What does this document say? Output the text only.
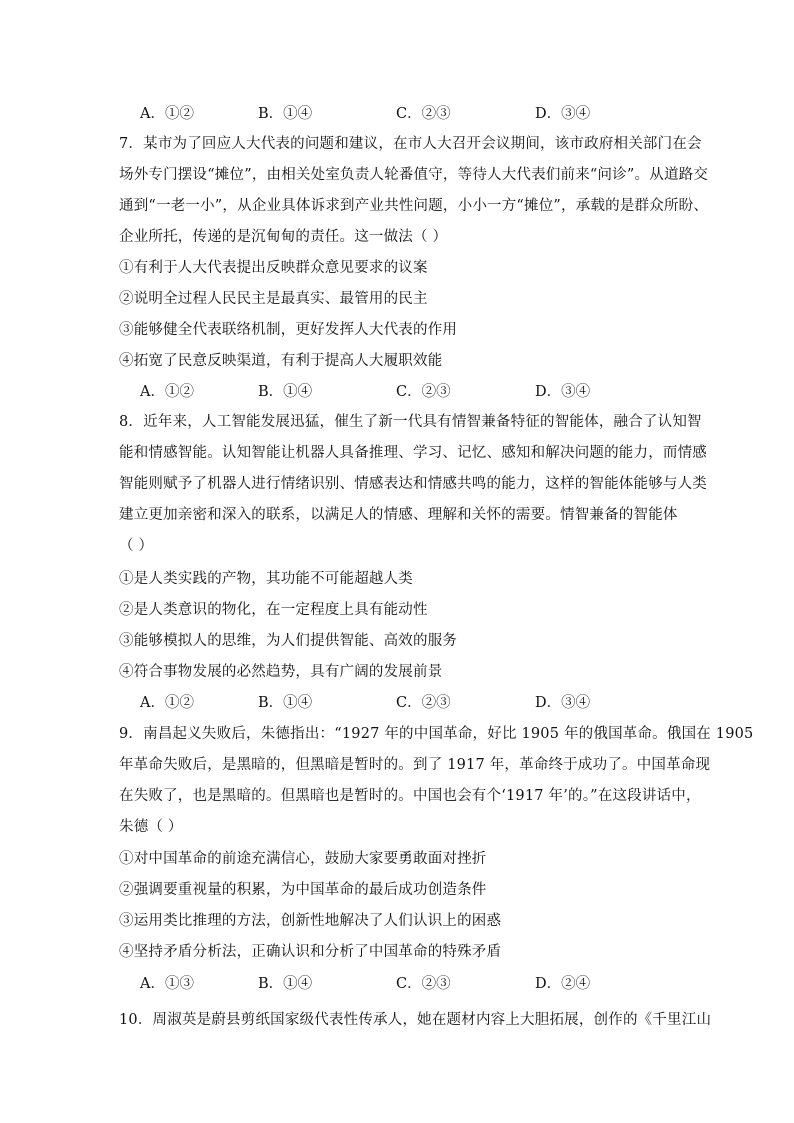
A．①②	B．①④	C．②③	D．③④
7．某市为了回应人大代表的问题和建议，在市人大召开会议期间，该市政府相关部门在会
场外专门摆设“摊位”，由相关处室负责人轮番值守，等待人大代表们前来“问诊”。从道路交
通到“一老一小”，从企业具体诉求到产业共性问题，小小一方“摊位”，承载的是群众所盼、
企业所托，传递的是沉甸甸的责任。这一做法（ ）
①有利于人大代表提出反映群众意见要求的议案
②说明全过程人民民主是最真实、最管用的民主
③能够健全代表联络机制，更好发挥人大代表的作用
④拓宽了民意反映渠道，有利于提高人大履职效能
A．①②	B．①④	C．②③	D．③④
8．近年来，人工智能发展迅猛，催生了新一代具有情智兼备特征的智能体，融合了认知智
能和情感智能。认知智能让机器人具备推理、学习、记忆、感知和解决问题的能力，而情感
智能则赋予了机器人进行情绪识别、情感表达和情感共鸣的能力，这样的智能体能够与人类
建立更加亲密和深入的联系，以满足人的情感、理解和关怀的需要。情智兼备的智能体
（ ）
①是人类实践的产物，其功能不可能超越人类
②是人类意识的物化，在一定程度上具有能动性
③能够模拟人的思维，为人们提供智能、高效的服务
④符合事物发展的必然趋势，具有广阔的发展前景
A．①②	B．①④	C．②③	D．③④
9．南昌起义失败后，朱德指出：“1927 年的中国革命，好比 1905 年的俄国革命。俄国在 1905
年革命失败后，是黑暗的，但黑暗是暂时的。到了 1917 年，革命终于成功了。中国革命现
在失败了，也是黑暗的。但黑暗也是暂时的。中国也会有个‘1917 年’的。”在这段讲话中，
朱德（ ）
①对中国革命的前途充满信心，鼓励大家要勇敢面对挫折
②强调要重视量的积累，为中国革命的最后成功创造条件
③运用类比推理的方法，创新性地解决了人们认识上的困惑
④坚持矛盾分析法，正确认识和分析了中国革命的特殊矛盾
A．①③	B．①④	C．②③	D．②④
10．周淑英是蔚县剪纸国家级代表性传承人，她在题材内容上大胆拓展，创作的《千里江山
